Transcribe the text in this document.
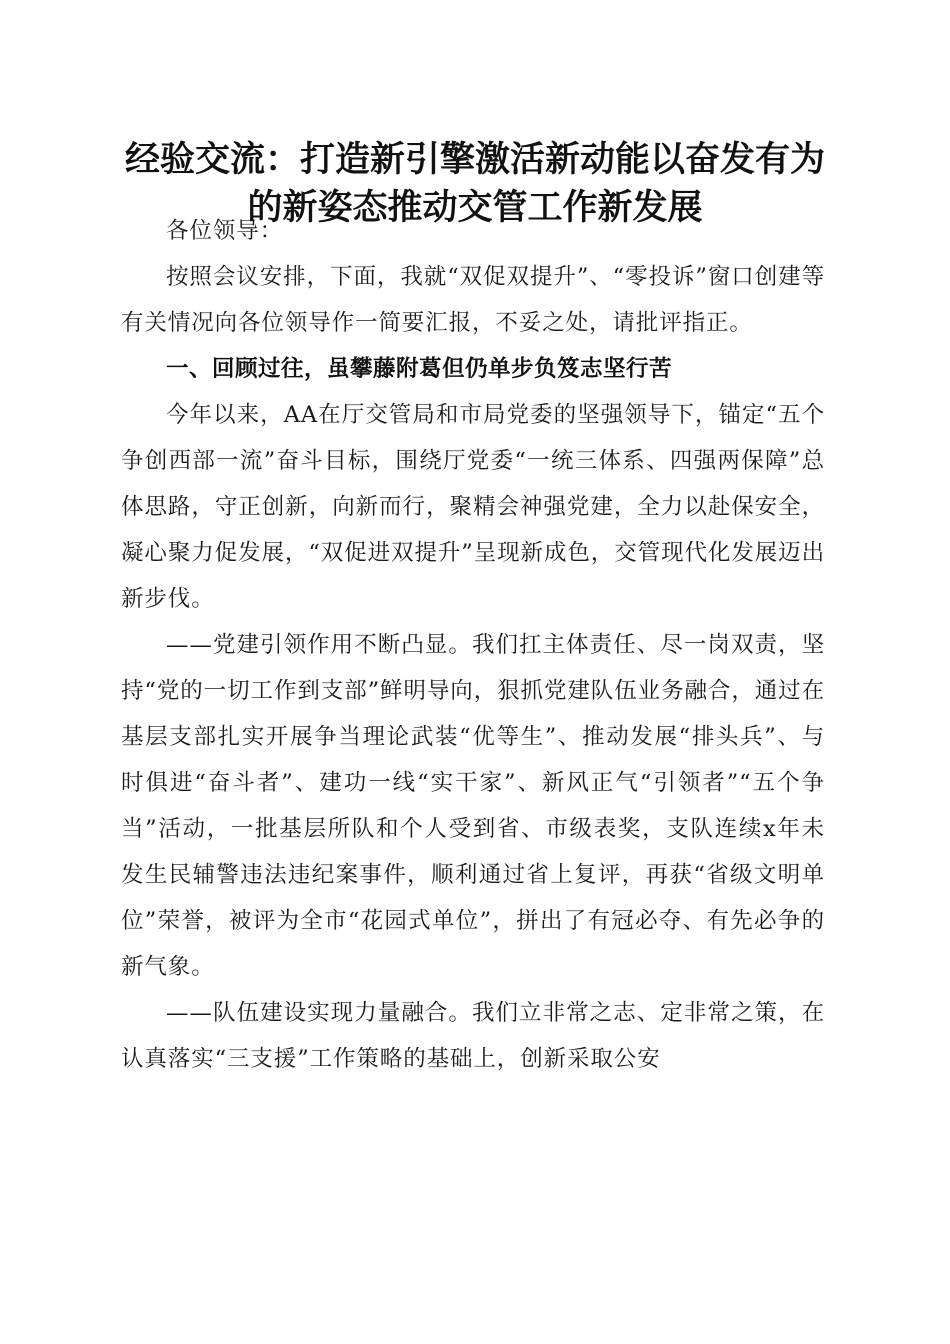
经验交流：打造新引擎激活新动能以奋发有为
的新姿态推动交管工作新发展

各位领导：

按照会议安排，下面，我就“双促双提升”、“零投诉”窗口创建等有关情况向各位领导作一简要汇报，不妥之处，请批评指正。

一、回顾过往，虽攀藤附葛但仍单步负笈志坚行苦

今年以来，AA在厅交管局和市局党委的坚强领导下，锚定“五个争创西部一流”奋斗目标，围绕厅党委“一统三体系、四强两保障”总体思路，守正创新，向新而行，聚精会神强党建，全力以赴保安全，凝心聚力促发展，“双促进双提升”呈现新成色，交管现代化发展迈出新步伐。

——党建引领作用不断凸显。我们扛主体责任、尽一岗双责，坚持“党的一切工作到支部”鲜明导向，狠抓党建队伍业务融合，通过在基层支部扎实开展争当理论武装“优等生”、推动发展“排头兵”、与时俱进“奋斗者”、建功一线“实干家”、新风正气“引领者”“五个争当”活动，一批基层所队和个人受到省、市级表奖，支队连续x年未发生民辅警违法违纪案事件，顺利通过省上复评，再获“省级文明单位”荣誉，被评为全市“花园式单位”，拼出了有冠必夺、有先必争的新气象。

——队伍建设实现力量融合。我们立非常之志、定非常之策，在认真落实“三支援”工作策略的基础上，创新采取公安
